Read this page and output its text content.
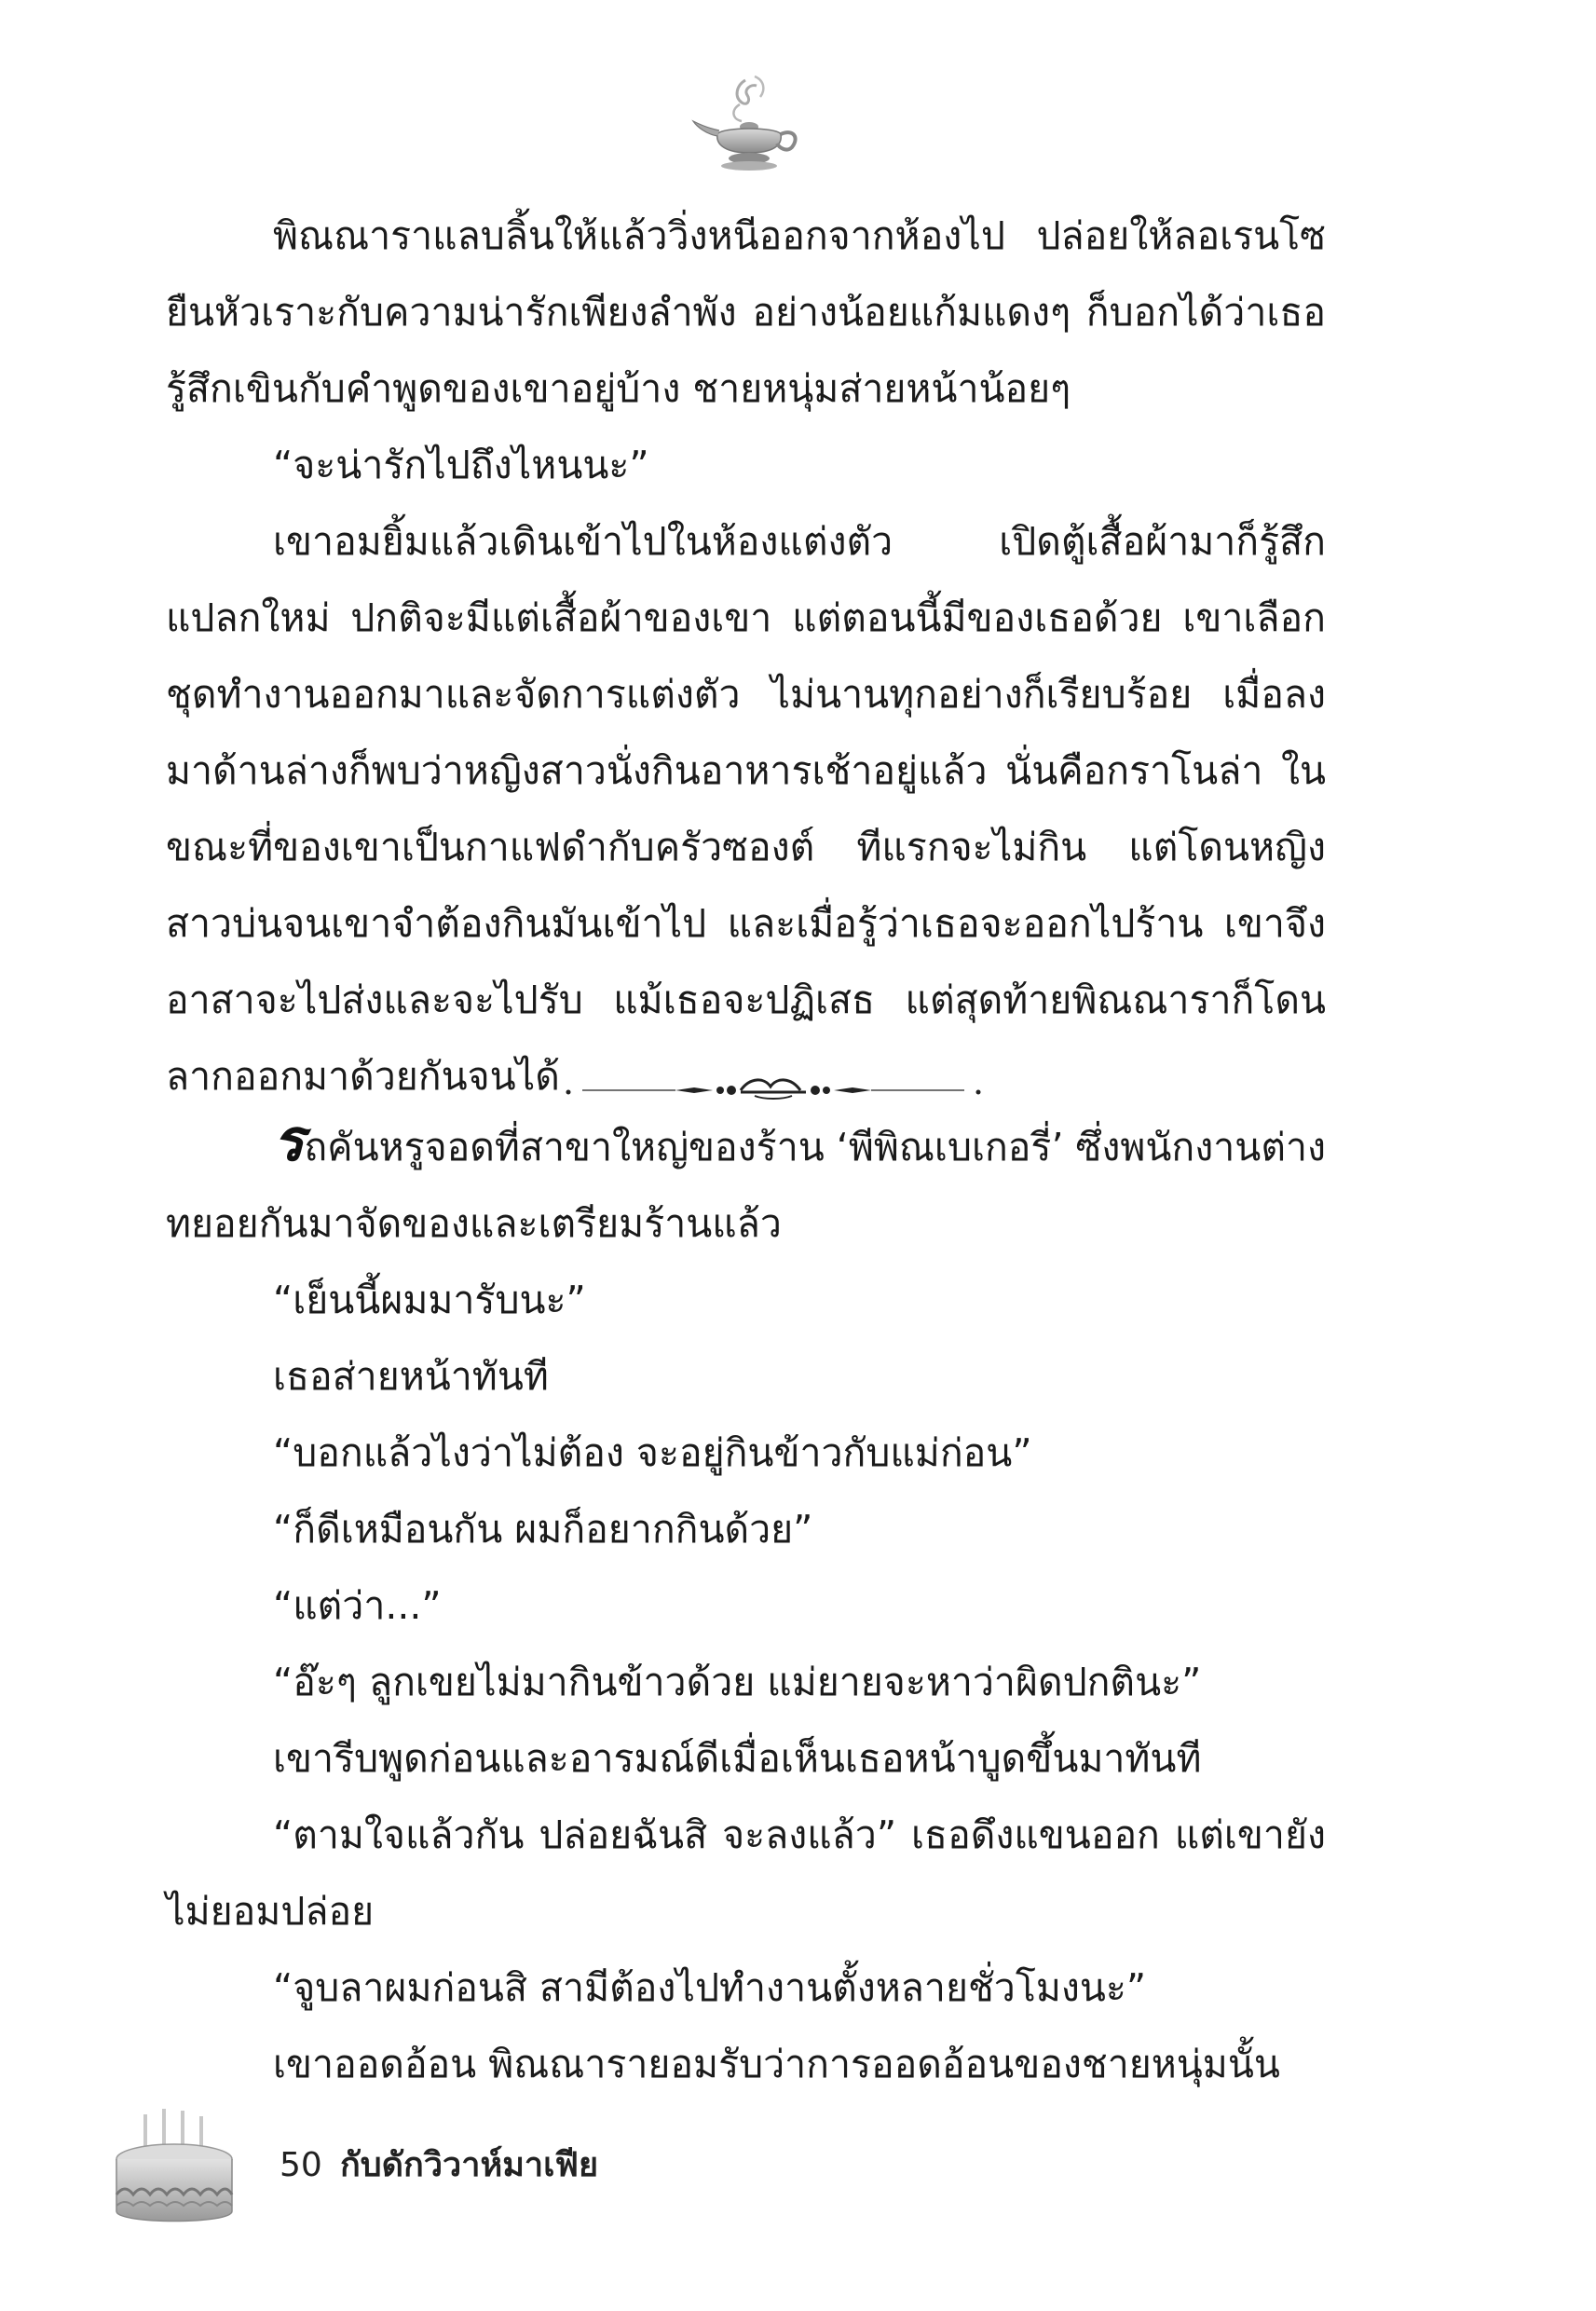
พิณณาราแลบลิ้นให้แล้ววิ่งหนีออกจากห้องไป ปล่อยให้ลอเรนโซยืนหัวเราะกับความน่ารักเพียงลำพัง อย่างน้อยแก้มแดงๆ ก็บอกได้ว่าเธอรู้สึกเขินกับคำพูดของเขาอยู่บ้าง ชายหนุ่มส่ายหน้าน้อยๆ

“จะน่ารักไปถึงไหนนะ”

เขาอมยิ้มแล้วเดินเข้าไปในห้องแต่งตัว เปิดตู้เสื้อผ้ามาก็รู้สึกแปลกใหม่ ปกติจะมีแต่เสื้อผ้าของเขา แต่ตอนนี้มีของเธอด้วย เขาเลือกชุดทำงานออกมาและจัดการแต่งตัว ไม่นานทุกอย่างก็เรียบร้อย เมื่อลงมาด้านล่างก็พบว่าหญิงสาวนั่งกินอาหารเช้าอยู่แล้ว นั่นคือกราโนล่า ในขณะที่ของเขาเป็นกาแฟดำกับครัวซองต์ ทีแรกจะไม่กิน แต่โดนหญิงสาวบ่นจนเขาจำต้องกินมันเข้าไป และเมื่อรู้ว่าเธอจะออกไปร้าน เขาจึงอาสาจะไปส่งและจะไปรับ แม้เธอจะปฏิเสธ แต่สุดท้ายพิณณาราก็โดนลากออกมาด้วยกันจนได้

รถคันหรูจอดที่สาขาใหญ่ของร้าน ‘พีพิณเบเกอรี่’ ซึ่งพนักงานต่างทยอยกันมาจัดของและเตรียมร้านแล้ว

“เย็นนี้ผมมารับนะ”

เธอส่ายหน้าทันที

“บอกแล้วไงว่าไม่ต้อง จะอยู่กินข้าวกับแม่ก่อน”

“ก็ดีเหมือนกัน ผมก็อยากกินด้วย”

“แต่ว่า...”

“อ๊ะๆ ลูกเขยไม่มากินข้าวด้วย แม่ยายจะหาว่าผิดปกตินะ”

เขารีบพูดก่อนและอารมณ์ดีเมื่อเห็นเธอหน้าบูดขึ้นมาทันที

“ตามใจแล้วกัน ปล่อยฉันสิ จะลงแล้ว” เธอดึงแขนออก แต่เขายังไม่ยอมปล่อย

“จูบลาผมก่อนสิ สามีต้องไปทำงานตั้งหลายชั่วโมงนะ”

เขาออดอ้อน พิณณารายอมรับว่าการออดอ้อนของชายหนุ่มนั้น

50 กับดักวิวาห์มาเฟีย
